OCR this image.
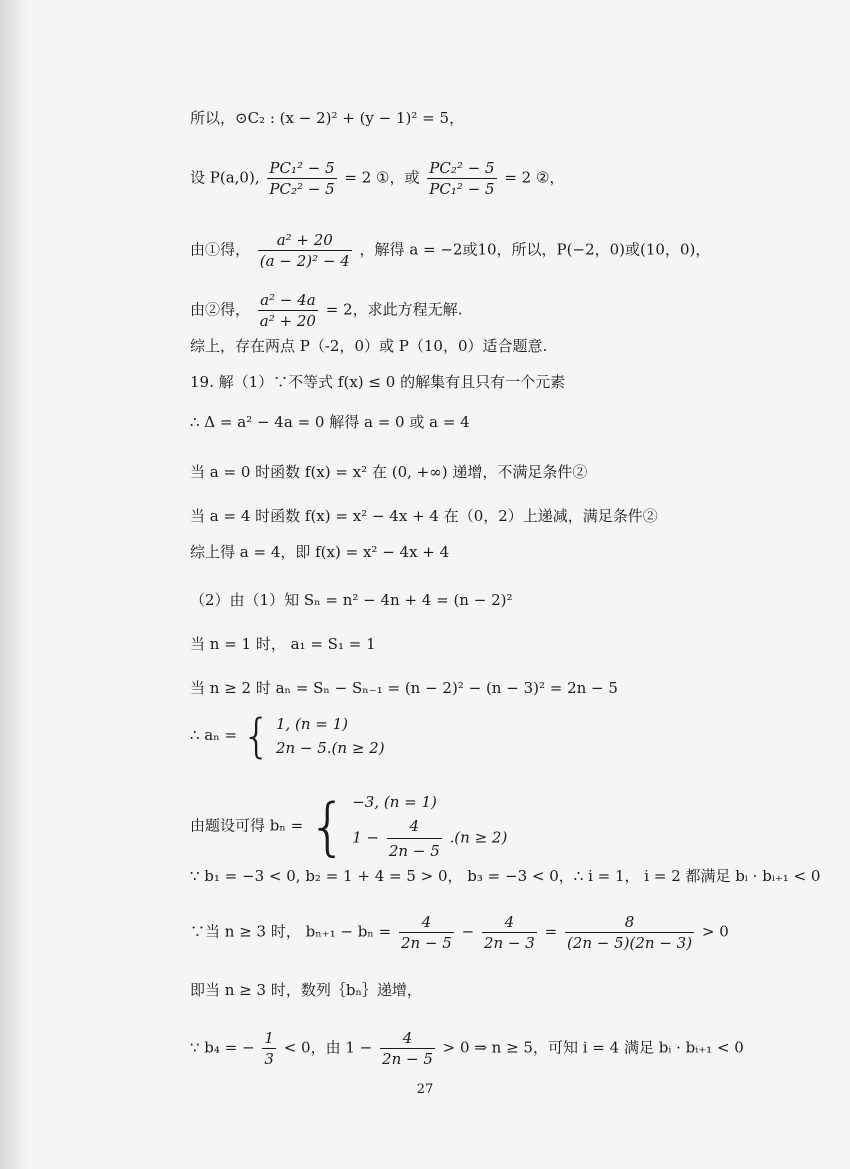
所以，⊙C₂ : (x − 2)² + (y − 1)² = 5，
设 P(a,0), $\frac{\text{PC₁² − 5}}{\text{PC₂² − 5}} = 2$ ①，或 $\frac{\text{PC₂² − 5}}{\text{PC₁² − 5}} = 2$ ②，
由①得， $\frac{\text{a² + 20}}{\text{(a − 2)² − 4}}$ ，解得 a = −2或10，所以，P(−2，0)或(10，0)，
由②得， $\frac{\text{a² − 4a}}{\text{a² + 20}} = 2$，求此方程无解.
综上，存在两点 P（-2，0）或 P（10，0）适合题意.
19. 解（1）∵不等式 f(x) ≤ 0 的解集有且只有一个元素
∴ Δ = a² − 4a = 0 解得 a = 0 或 a = 4
当 a = 0 时函数 f(x) = x² 在 (0, +∞) 递增，不满足条件②
当 a = 4 时函数 f(x) = x² − 4x + 4 在（0，2）上递减，满足条件②
综上得 a = 4，即 f(x) = x² − 4x + 4
（2）由（1）知 Sₙ = n² − 4n + 4 = (n − 2)²
当 n = 1 时， a₁ = S₁ = 1
当 n ≥ 2 时 aₙ = Sₙ − Sₙ₋₁ = (n − 2)² − (n − 3)² = 2n − 5
∴ aₙ = { 1, (n = 1)
2n − 5.(n ≥ 2)
由题设可得 bₙ = { −3, (n = 1)
$1 - \frac{4}{2n - 5} .(n \ge 2)$
∵ b₁ = −3 < 0, b₂ = 1 + 4 = 5 > 0， b₃ = −3 < 0，∴ i = 1， i = 2 都满足 bᵢ · bᵢ₊₁ < 0
∵当 n ≥ 3 时， $b_{n+1} - b_n = \frac{4}{2n - 5} - \frac{4}{2n - 3} = \frac{8}{(2n - 5)(2n - 3)} > 0$
即当 n ≥ 3 时，数列｛bₙ｝递增，
∵ b₄ = − $\frac{1}{3} < 0$，由 $1 - \frac{4}{2n - 5} > 0$ ⇒ n ≥ 5，可知 i = 4 满足 bᵢ · bᵢ₊₁ < 0
27
